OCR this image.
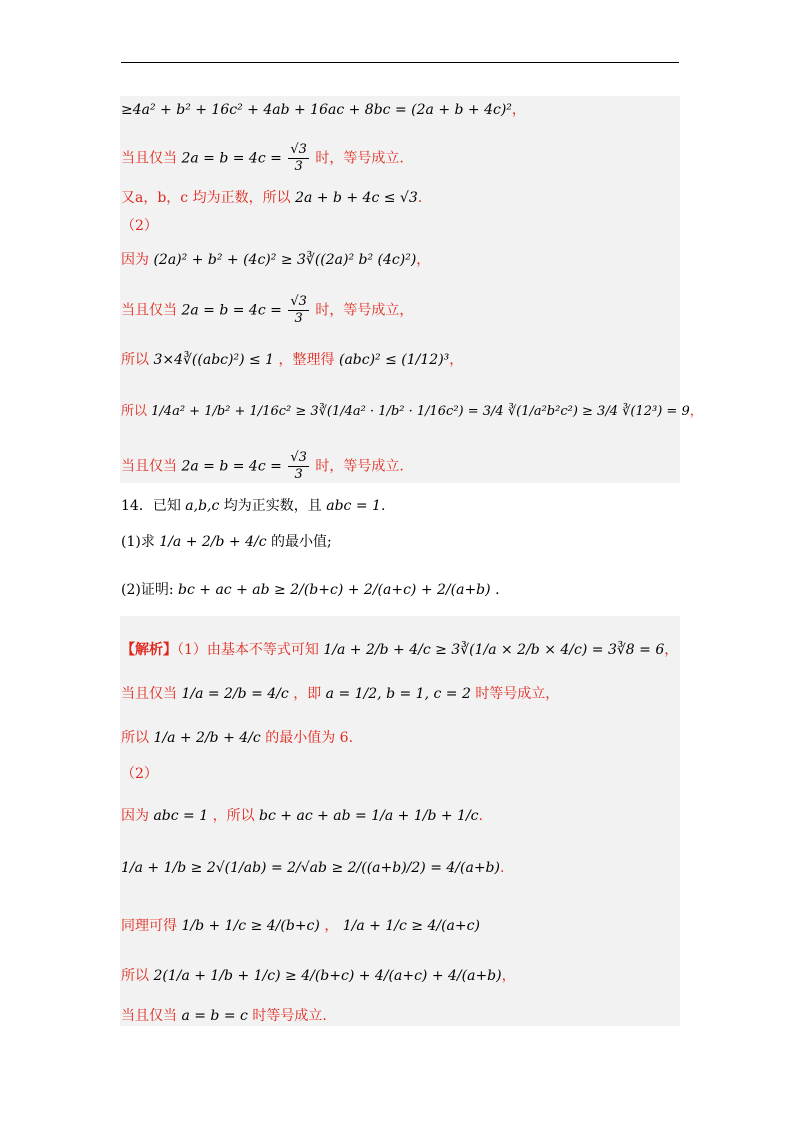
≥4a² + b² + 16c² + 4ab + 16ac + 8bc = (2a + b + 4c)²，
当且仅当 $2a = b = 4c = \frac{√3}{3}$ 时，等号成立.
又a，b，c 均为正数，所以 2a + b + 4c ≤ √3.
（2）
因为 (2a)² + b² + (4c)² ≥ 3∛((2a)² b² (4c)²)，
当且仅当 $2a = b = 4c = \frac{√3}{3}$ 时，等号成立，
所以 3×4∛((abc)²) ≤ 1 ，整理得 (abc)² ≤ (1/12)³，
所以 1/4a² + 1/b² + 1/16c² ≥ 3∛(1/4a² · 1/b² · 1/16c²) = 3/4 ∛(1/a²b²c²) ≥ 3/4 ∛(12³) = 9，
当且仅当 $2a = b = 4c = \frac{√3}{3}$ 时，等号成立.
14．已知 a,b,c 均为正实数，且 abc = 1.
(1)求 1/a + 2/b + 4/c 的最小值;
(2)证明: bc + ac + ab ≥ 2/(b+c) + 2/(a+c) + 2/(a+b) .
【解析】（1）由基本不等式可知 1/a + 2/b + 4/c ≥ 3∛(1/a × 2/b × 4/c) = 3∛8 = 6，
当且仅当 1/a = 2/b = 4/c ，即 a = 1/2, b = 1, c = 2 时等号成立，
所以 1/a + 2/b + 4/c 的最小值为 6.
（2）
因为 abc = 1 ，所以 bc + ac + ab = 1/a + 1/b + 1/c.
1/a + 1/b ≥ 2√(1/ab) = 2/√ab ≥ 2/((a+b)/2) = 4/(a+b).
同理可得 1/b + 1/c ≥ 4/(b+c) ， 1/a + 1/c ≥ 4/(a+c)
所以 2(1/a + 1/b + 1/c) ≥ 4/(b+c) + 4/(a+c) + 4/(a+b)，
当且仅当 a = b = c 时等号成立.
